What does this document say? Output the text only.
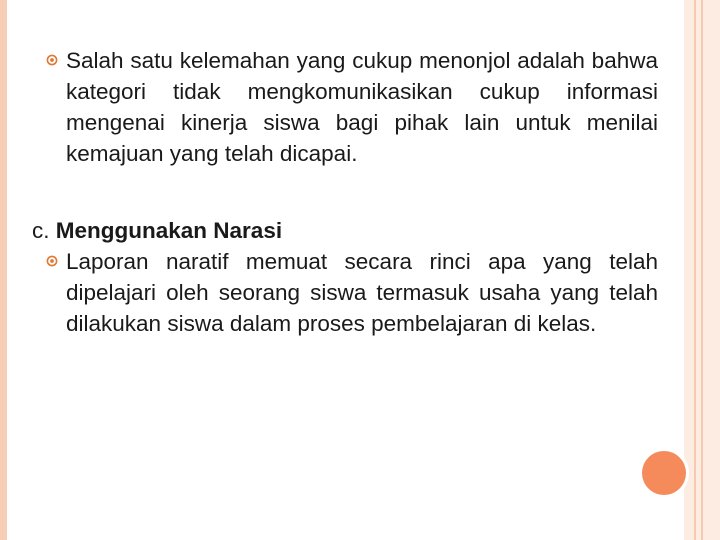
Salah satu kelemahan yang cukup menonjol adalah bahwa kategori tidak mengkomunikasikan cukup informasi mengenai kinerja siswa bagi pihak lain untuk menilai kemajuan yang telah dicapai.
c. Menggunakan Narasi
Laporan naratif memuat secara rinci apa yang telah dipelajari oleh seorang siswa termasuk usaha yang telah dilakukan siswa dalam proses pembelajaran di kelas.
